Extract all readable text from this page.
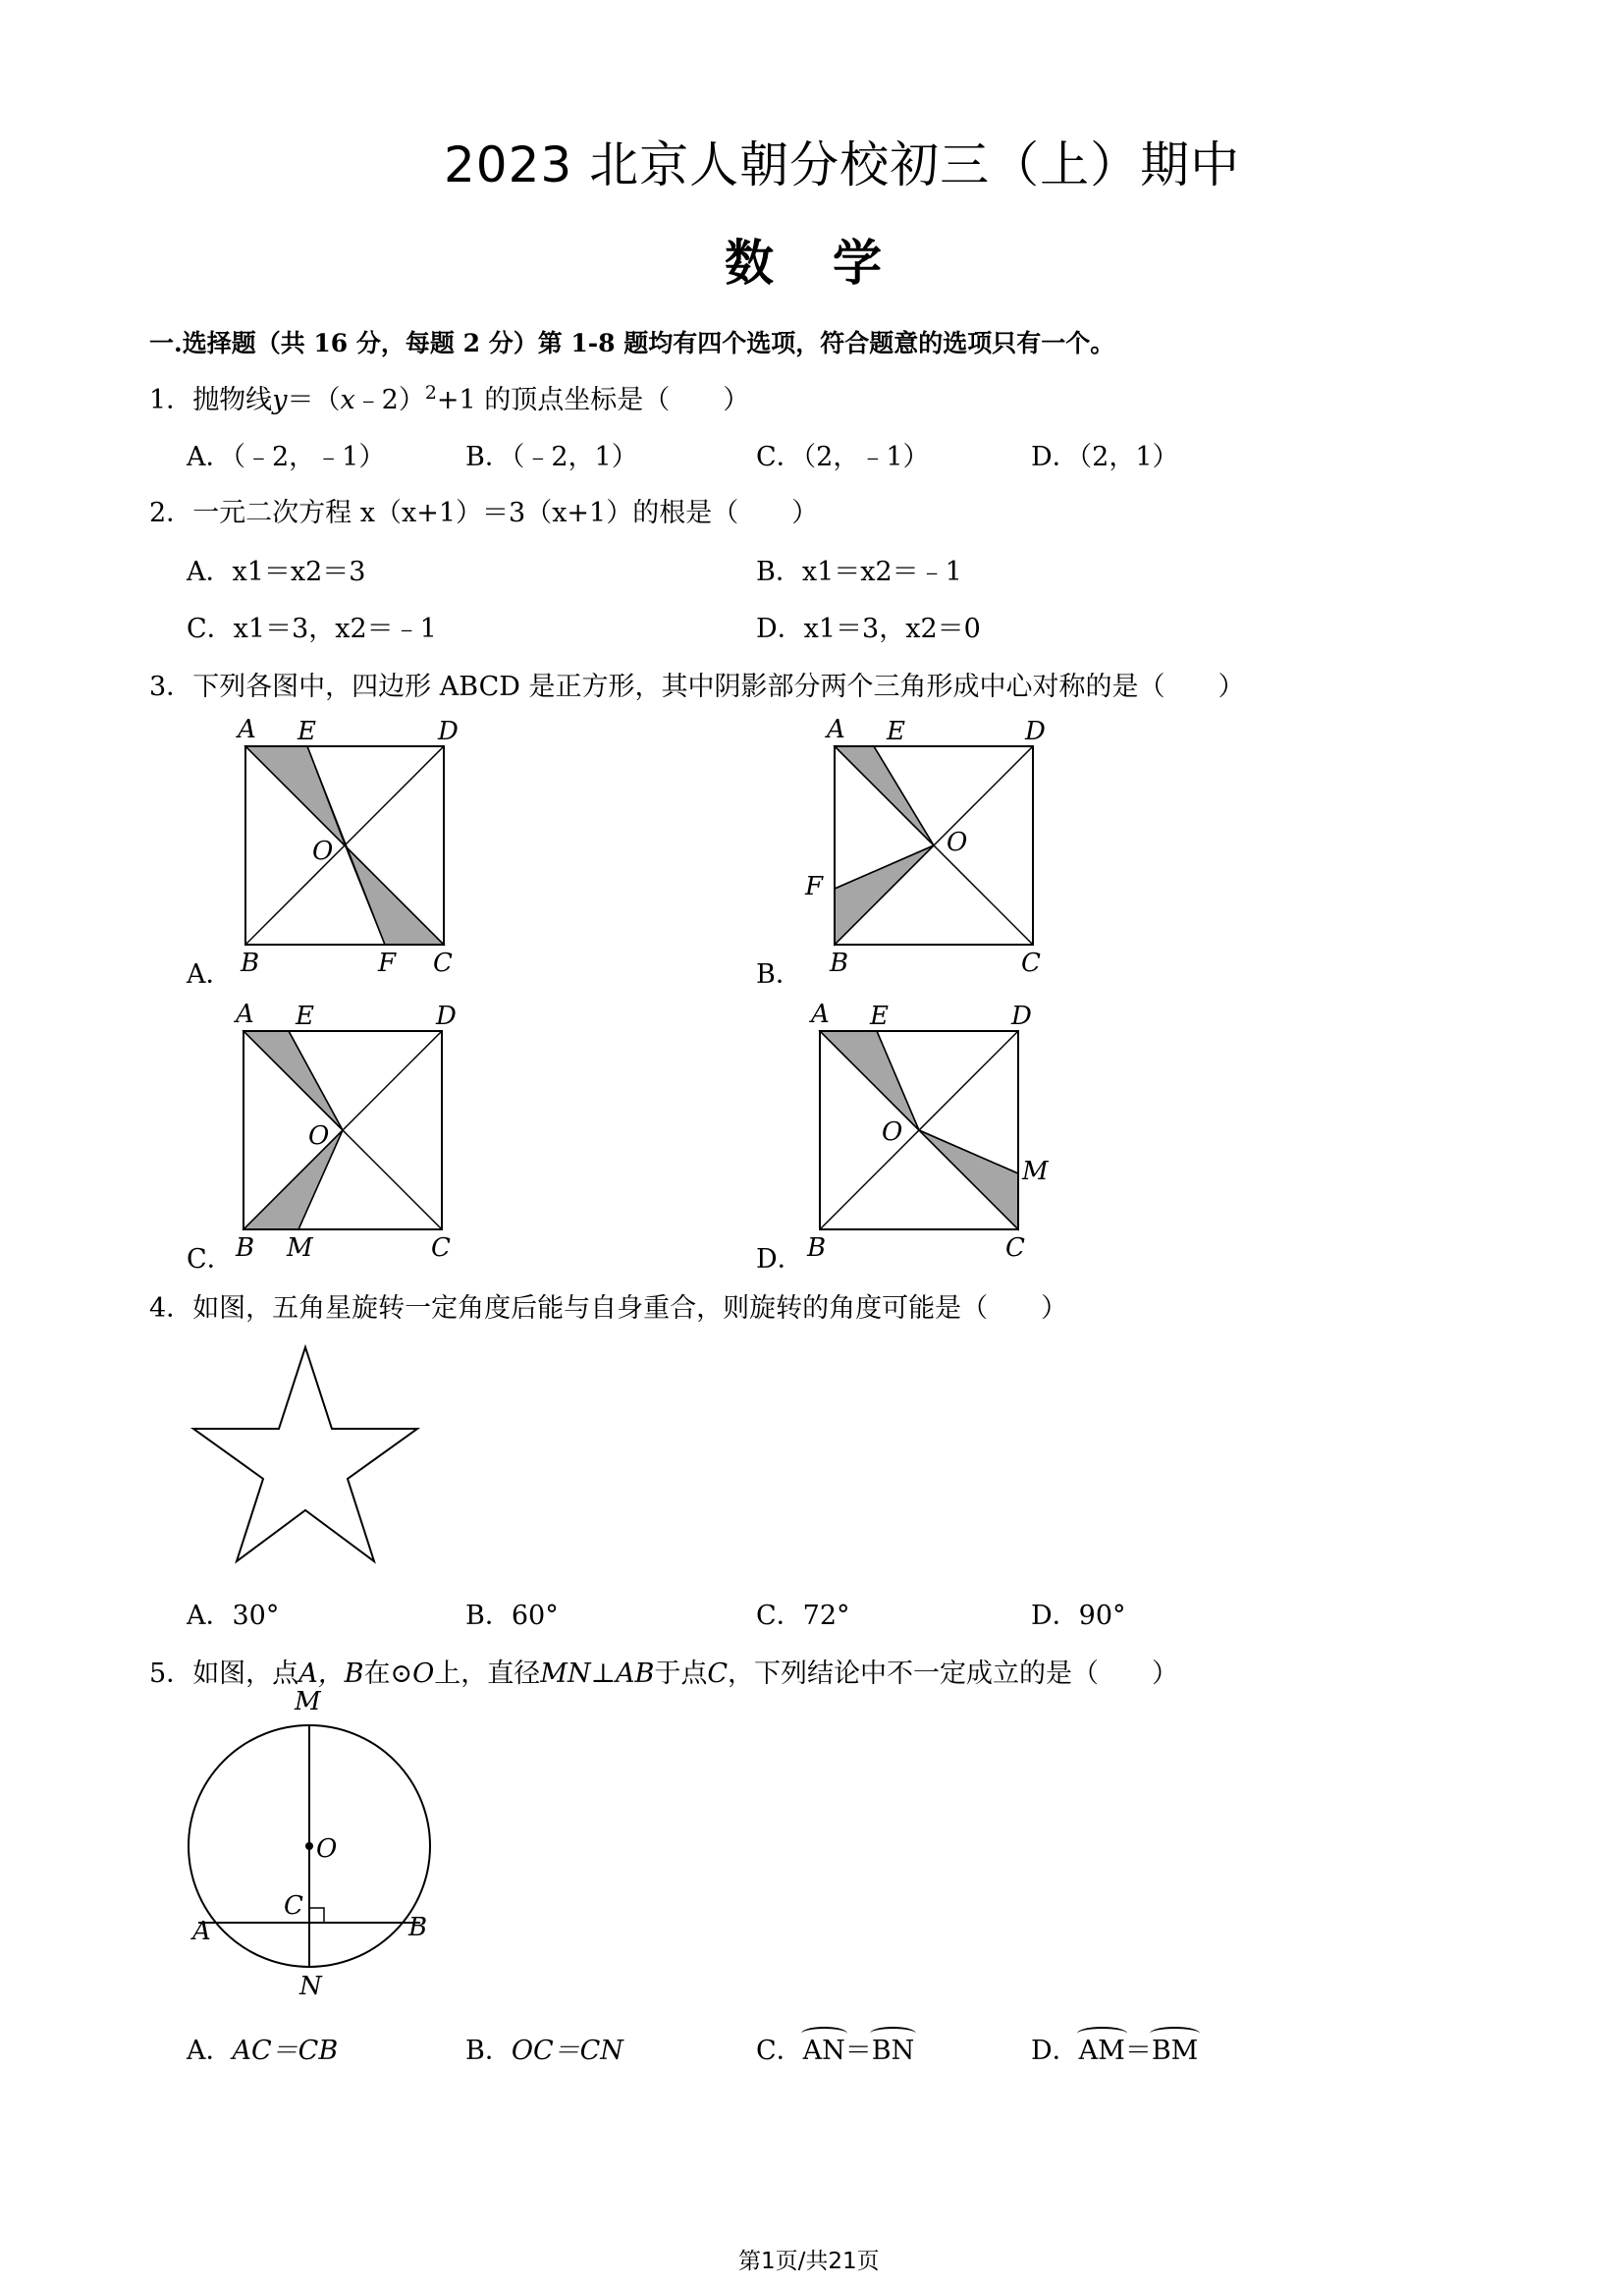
2023 北京人朝分校初三（上）期中
数学
一.选择题（共 16 分，每题 2 分）第 1-8 题均有四个选项，符合题意的选项只有一个。
1．抛物线y＝（x﹣2）$^2$+1 的顶点坐标是（　　）
A．（﹣2，﹣1）	B．（﹣2，1）	C．（2，﹣1）	D．（2，1）
2．一元二次方程 x（x+1）＝3（x+1）的根是（　　）
A．x1＝x2＝3	B．x1＝x2＝﹣1
C．x1＝3，x2＝﹣1	D．x1＝3，x2＝0
3．下列各图中，四边形 ABCD 是正方形，其中阴影部分两个三角形成中心对称的是（　　）
A E	D
O
B	F C
A．
A E	D
O
F
B	C
B．
A E	D
O
B M	C
C．
A E	D
O
M
B	C
D．
4．如图，五角星旋转一定角度后能与自身重合，则旋转的角度可能是（　　）
A．30°	B．60°	C．72°	D．90°
5．如图，点A，B在⊙O上，直径MN⊥AB于点C，下列结论中不一定成立的是（　　）
M
O
C
A	B
N
A．AC＝CB	B．OC＝CN	C．AN＝BN	D．AM＝BM
第1页/共21页
